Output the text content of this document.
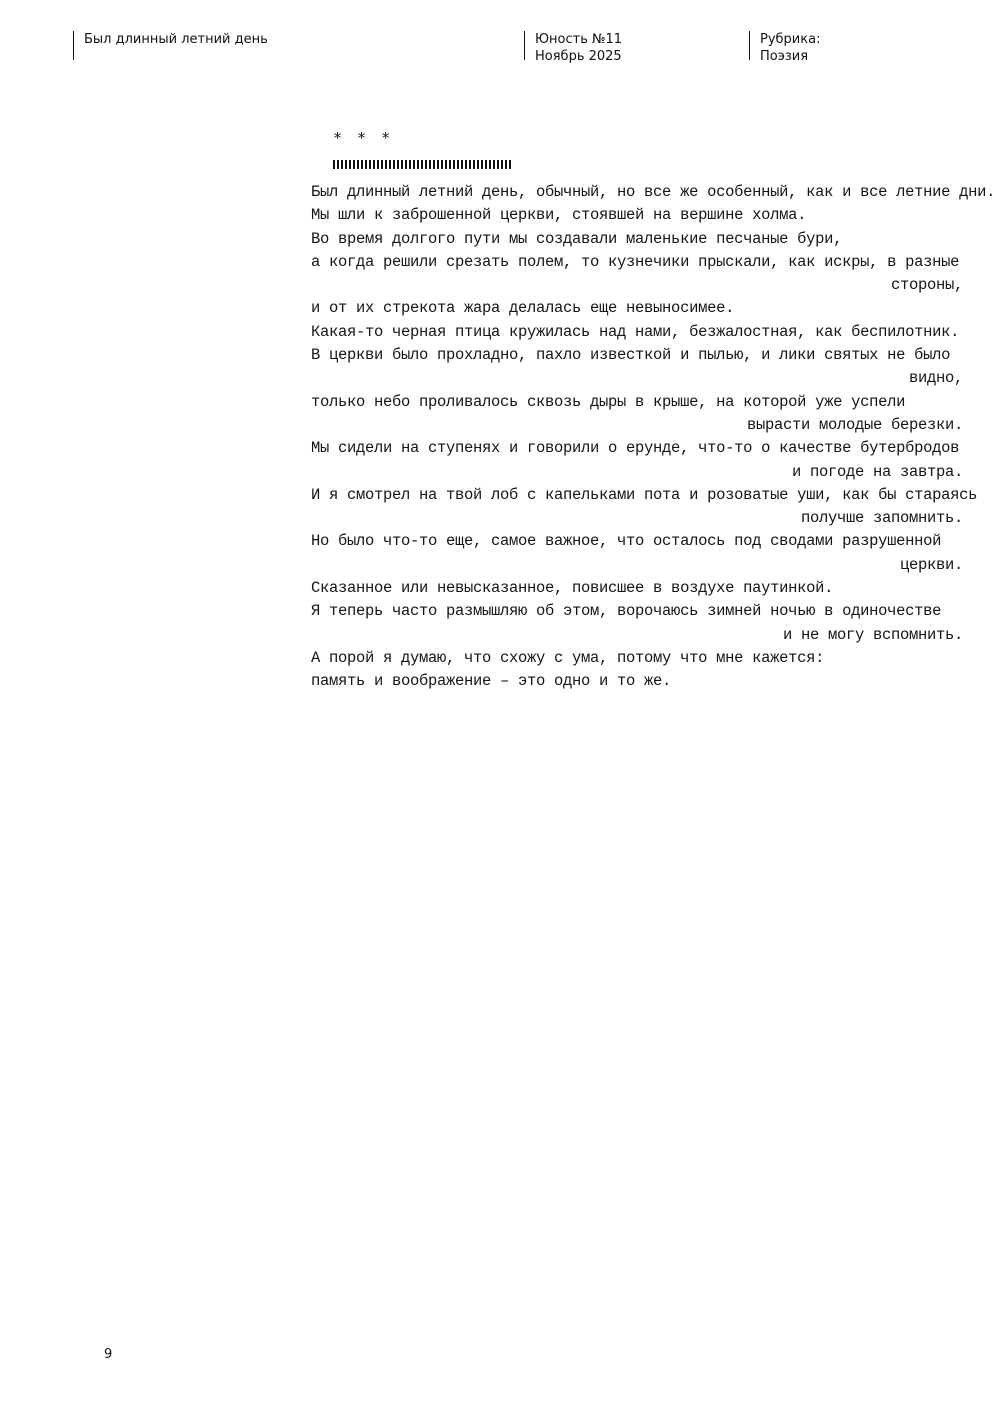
Был длинный летний день	Юность №11
Ноябрь 2025
Рубрика:
Поэзия
* * *
Был длинный летний день, обычный, но все же особенный, как и все летние дни.
Мы шли к заброшенной церкви, стоявшей на вершине холма.
Во время долгого пути мы создавали маленькие песчаные бури,
а когда решили срезать полем, то кузнечики прыскали, как искры, в разные
стороны,
и от их стрекота жара делалась еще невыносимее.
Какая-то черная птица кружилась над нами, безжалостная, как беспилотник.
В церкви было прохладно, пахло известкой и пылью, и лики святых не было
видно,
только небо проливалось сквозь дыры в крыше, на которой уже успели
вырасти молодые березки.
Мы сидели на ступенях и говорили о ерунде, что-то о качестве бутербродов
и погоде на завтра.
И я смотрел на твой лоб с капельками пота и розоватые уши, как бы стараясь
получше запомнить.
Но было что-то еще, самое важное, что осталось под сводами разрушенной
церкви.
Сказанное или невысказанное, повисшее в воздухе паутинкой.
Я теперь часто размышляю об этом, ворочаюсь зимней ночью в одиночестве
и не могу вспомнить.
А порой я думаю, что схожу с ума, потому что мне кажется:
память и воображение – это одно и то же.
9
